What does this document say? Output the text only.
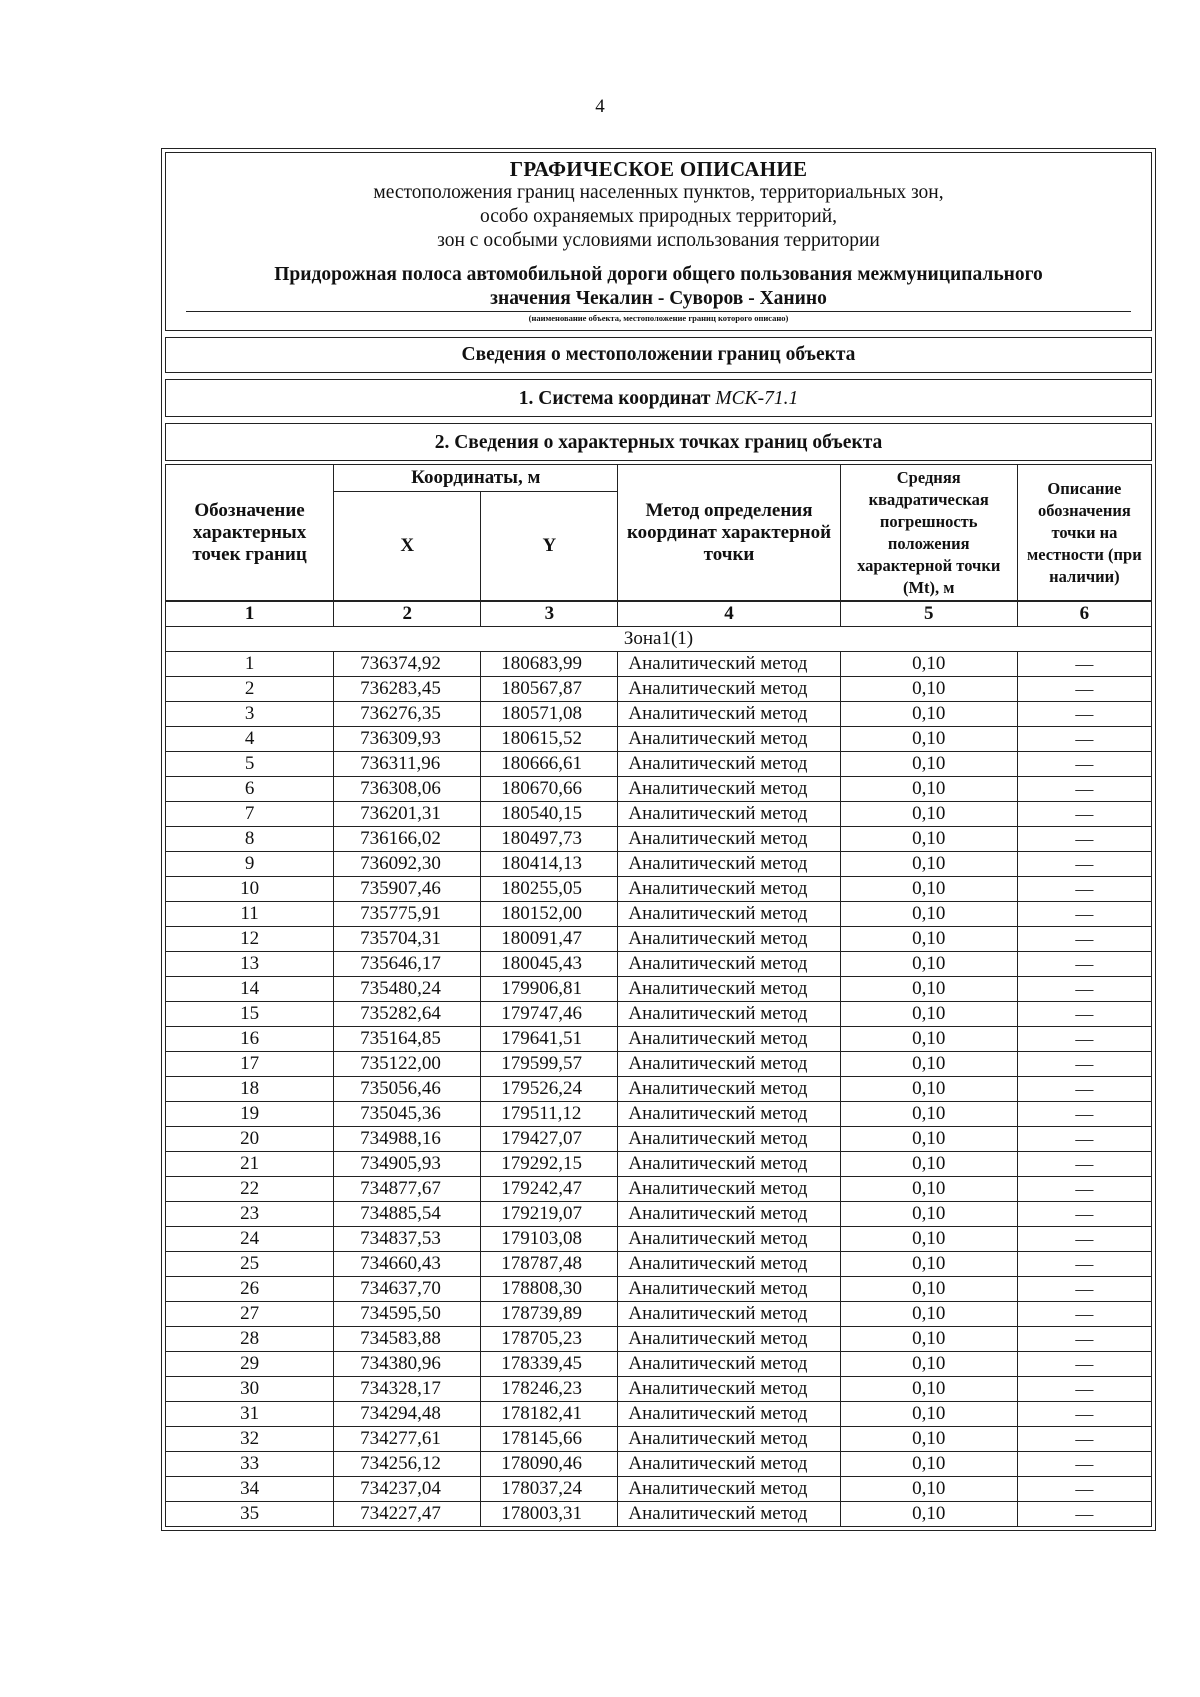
4
ГРАФИЧЕСКОЕ ОПИСАНИЕ
местоположения границ населенных пунктов, территориальных зон,
особо охраняемых природных территорий,
зон с особыми условиями использования территории
Придорожная полоса автомобильной дороги общего пользования межмуниципального
значения Чекалин - Суворов - Ханино
(наименование объекта, местоположение границ которого описано)
Сведения о местоположении границ объекта
1. Система координат МСК-71.1
2. Сведения о характерных точках границ объекта
Обозначение характерных точек границ	Координаты, м		Метод определения координат характерной точки	Средняя квадратическая погрешность положения характерной точки (Mt), м	Описание обозначения точки на местности (при наличии)
	X	Y			
1	2	3	4	5	6
Зона1(1)					
1	736374,92	180683,99	Аналитический метод	0,10	—
2	736283,45	180567,87	Аналитический метод	0,10	—
3	736276,35	180571,08	Аналитический метод	0,10	—
4	736309,93	180615,52	Аналитический метод	0,10	—
5	736311,96	180666,61	Аналитический метод	0,10	—
6	736308,06	180670,66	Аналитический метод	0,10	—
7	736201,31	180540,15	Аналитический метод	0,10	—
8	736166,02	180497,73	Аналитический метод	0,10	—
9	736092,30	180414,13	Аналитический метод	0,10	—
10	735907,46	180255,05	Аналитический метод	0,10	—
11	735775,91	180152,00	Аналитический метод	0,10	—
12	735704,31	180091,47	Аналитический метод	0,10	—
13	735646,17	180045,43	Аналитический метод	0,10	—
14	735480,24	179906,81	Аналитический метод	0,10	—
15	735282,64	179747,46	Аналитический метод	0,10	—
16	735164,85	179641,51	Аналитический метод	0,10	—
17	735122,00	179599,57	Аналитический метод	0,10	—
18	735056,46	179526,24	Аналитический метод	0,10	—
19	735045,36	179511,12	Аналитический метод	0,10	—
20	734988,16	179427,07	Аналитический метод	0,10	—
21	734905,93	179292,15	Аналитический метод	0,10	—
22	734877,67	179242,47	Аналитический метод	0,10	—
23	734885,54	179219,07	Аналитический метод	0,10	—
24	734837,53	179103,08	Аналитический метод	0,10	—
25	734660,43	178787,48	Аналитический метод	0,10	—
26	734637,70	178808,30	Аналитический метод	0,10	—
27	734595,50	178739,89	Аналитический метод	0,10	—
28	734583,88	178705,23	Аналитический метод	0,10	—
29	734380,96	178339,45	Аналитический метод	0,10	—
30	734328,17	178246,23	Аналитический метод	0,10	—
31	734294,48	178182,41	Аналитический метод	0,10	—
32	734277,61	178145,66	Аналитический метод	0,10	—
33	734256,12	178090,46	Аналитический метод	0,10	—
34	734237,04	178037,24	Аналитический метод	0,10	—
35	734227,47	178003,31	Аналитический метод	0,10	—
